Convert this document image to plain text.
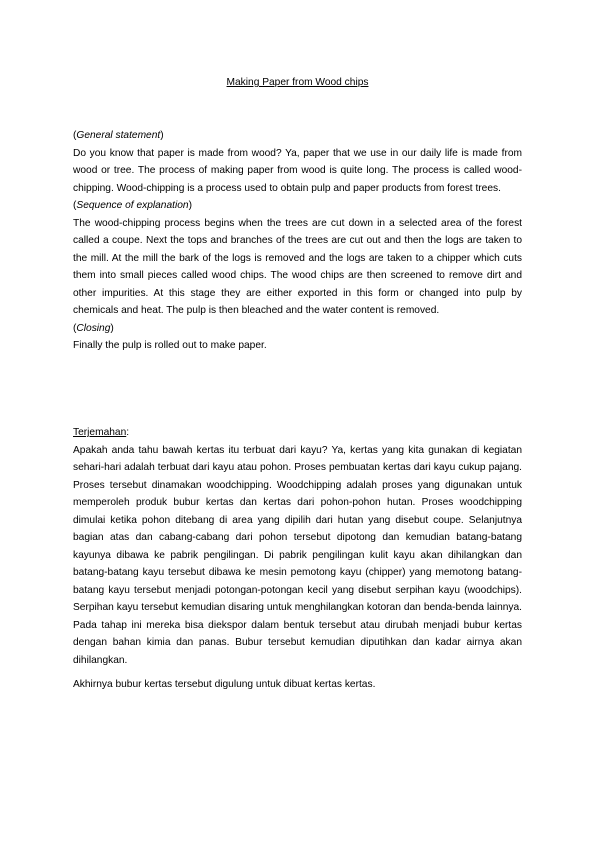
Making Paper from Wood chips

(General statement)

Do you know that paper is made from wood? Ya, paper that we use in our daily life is made from wood or tree. The process of making paper from wood is quite long. The process is called wood-chipping. Wood-chipping is a process used to obtain pulp and paper products from forest trees.

(Sequence of explanation)

The wood-chipping process begins when the trees are cut down in a selected area of the forest called a coupe. Next the tops and branches of the trees are cut out and then the logs are taken to the mill. At the mill the bark of the logs is removed and the logs are taken to a chipper which cuts them into small pieces called wood chips. The wood chips are then screened to remove dirt and other impurities. At this stage they are either exported in this form or changed into pulp by chemicals and heat. The pulp is then bleached and the water content is removed.

(Closing)

Finally the pulp is rolled out to make paper.

Terjemahan:

Apakah anda tahu bawah kertas itu terbuat dari kayu? Ya, kertas yang kita gunakan di kegiatan sehari-hari adalah terbuat dari kayu atau pohon. Proses pembuatan kertas dari kayu cukup pajang. Proses tersebut dinamakan woodchipping. Woodchipping adalah proses yang digunakan untuk memperoleh produk bubur kertas dan kertas dari pohon-pohon hutan. Proses woodchipping dimulai ketika pohon ditebang di area yang dipilih dari hutan yang disebut coupe. Selanjutnya bagian atas dan cabang-cabang dari pohon tersebut dipotong dan kemudian batang-batang kayunya dibawa ke pabrik pengilingan. Di pabrik pengilingan kulit kayu akan dihilangkan dan batang-batang kayu tersebut dibawa ke mesin pemotong kayu (chipper) yang memotong batang-batang kayu tersebut menjadi potongan-potongan kecil yang disebut serpihan kayu (woodchips). Serpihan kayu tersebut kemudian disaring untuk menghilangkan kotoran dan benda-benda lainnya. Pada tahap ini mereka bisa diekspor dalam bentuk tersebut atau dirubah menjadi bubur kertas dengan bahan kimia dan panas. Bubur tersebut kemudian diputihkan dan kadar airnya akan dihilangkan.

Akhirnya bubur kertas tersebut digulung untuk dibuat kertas kertas.
